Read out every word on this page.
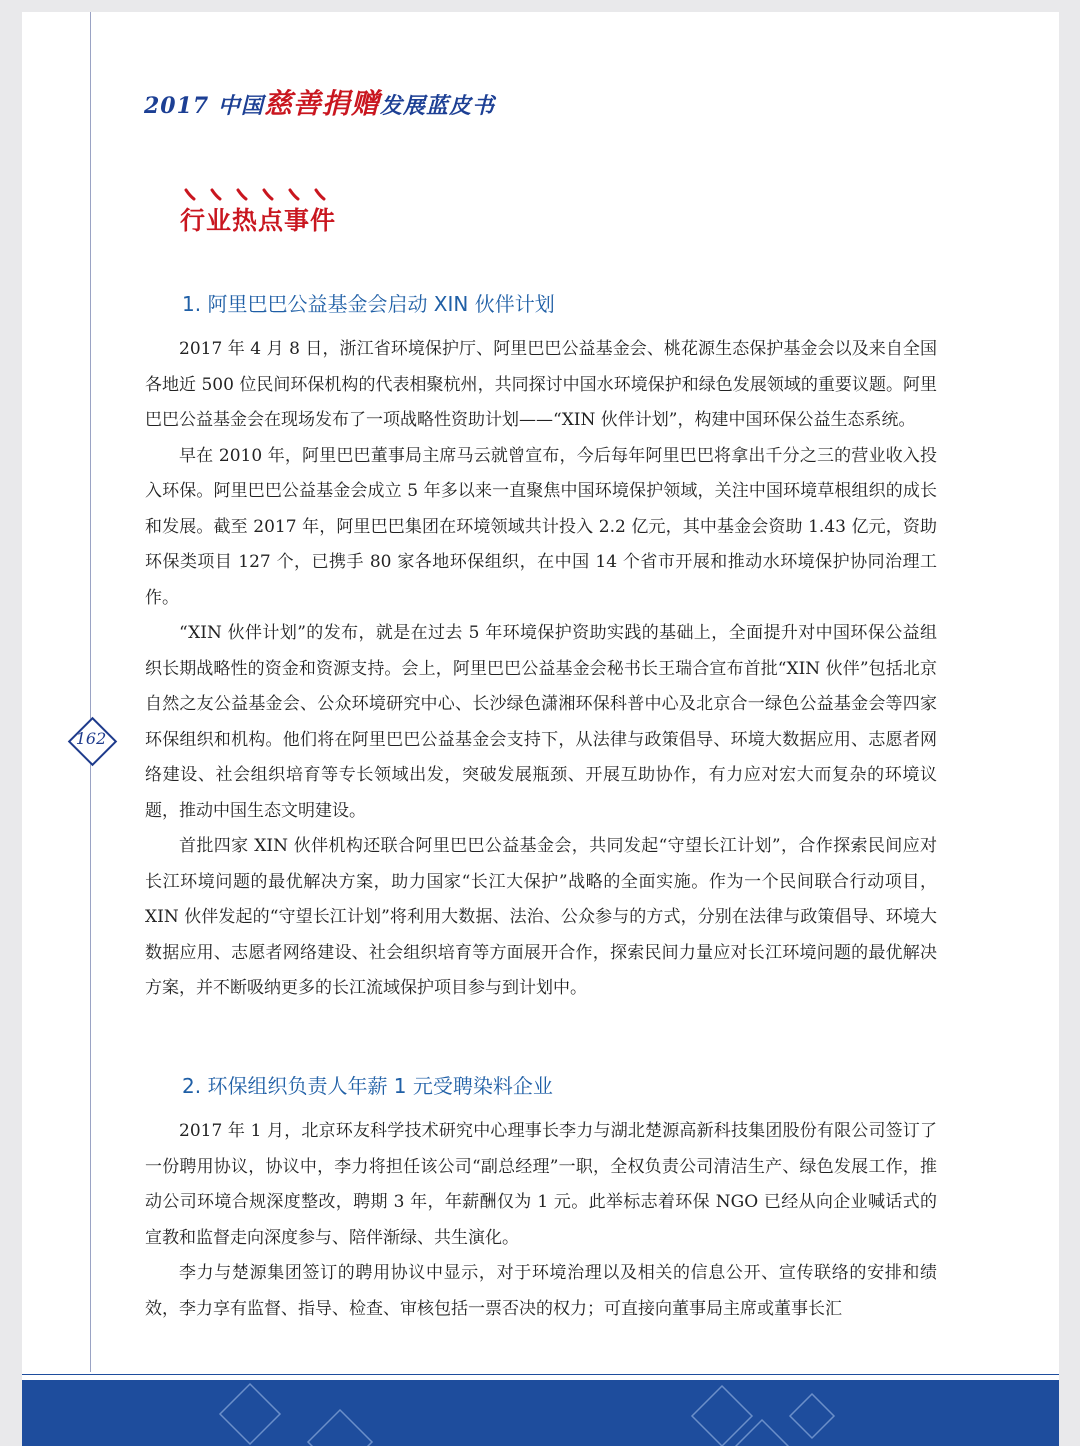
2017 中国慈善捐赠发展蓝皮书
行业热点事件
1. 阿里巴巴公益基金会启动 XIN 伙伴计划

2017 年 4 月 8 日，浙江省环境保护厅、阿里巴巴公益基金会、桃花源生态保护基金会以及来自全国各地近 500 位民间环保机构的代表相聚杭州，共同探讨中国水环境保护和绿色发展领域的重要议题。阿里巴巴公益基金会在现场发布了一项战略性资助计划——“XIN 伙伴计划”，构建中国环保公益生态系统。

早在 2010 年，阿里巴巴董事局主席马云就曾宣布，今后每年阿里巴巴将拿出千分之三的营业收入投入环保。阿里巴巴公益基金会成立 5 年多以来一直聚焦中国环境保护领域，关注中国环境草根组织的成长和发展。截至 2017 年，阿里巴巴集团在环境领域共计投入 2.2 亿元，其中基金会资助 1.43 亿元，资助环保类项目 127 个，已携手 80 家各地环保组织，在中国 14 个省市开展和推动水环境保护协同治理工作。

“XIN 伙伴计划”的发布，就是在过去 5 年环境保护资助实践的基础上，全面提升对中国环保公益组织长期战略性的资金和资源支持。会上，阿里巴巴公益基金会秘书长王瑞合宣布首批“XIN 伙伴”包括北京自然之友公益基金会、公众环境研究中心、长沙绿色潇湘环保科普中心及北京合一绿色公益基金会等四家环保组织和机构。他们将在阿里巴巴公益基金会支持下，从法律与政策倡导、环境大数据应用、志愿者网络建设、社会组织培育等专长领域出发，突破发展瓶颈、开展互助协作，有力应对宏大而复杂的环境议题，推动中国生态文明建设。

首批四家 XIN 伙伴机构还联合阿里巴巴公益基金会，共同发起“守望长江计划”，合作探索民间应对长江环境问题的最优解决方案，助力国家“长江大保护”战略的全面实施。作为一个民间联合行动项目，XIN 伙伴发起的“守望长江计划”将利用大数据、法治、公众参与的方式，分别在法律与政策倡导、环境大数据应用、志愿者网络建设、社会组织培育等方面展开合作，探索民间力量应对长江环境问题的最优解决方案，并不断吸纳更多的长江流域保护项目参与到计划中。

2. 环保组织负责人年薪 1 元受聘染料企业

2017 年 1 月，北京环友科学技术研究中心理事长李力与湖北楚源高新科技集团股份有限公司签订了一份聘用协议，协议中，李力将担任该公司“副总经理”一职，全权负责公司清洁生产、绿色发展工作，推动公司环境合规深度整改，聘期 3 年，年薪酬仅为 1 元。此举标志着环保 NGO 已经从向企业喊话式的宣教和监督走向深度参与、陪伴渐绿、共生演化。

李力与楚源集团签订的聘用协议中显示，对于环境治理以及相关的信息公开、宣传联络的安排和绩效，李力享有监督、指导、检查、审核包括一票否决的权力；可直接向董事局主席或董事长汇

162
